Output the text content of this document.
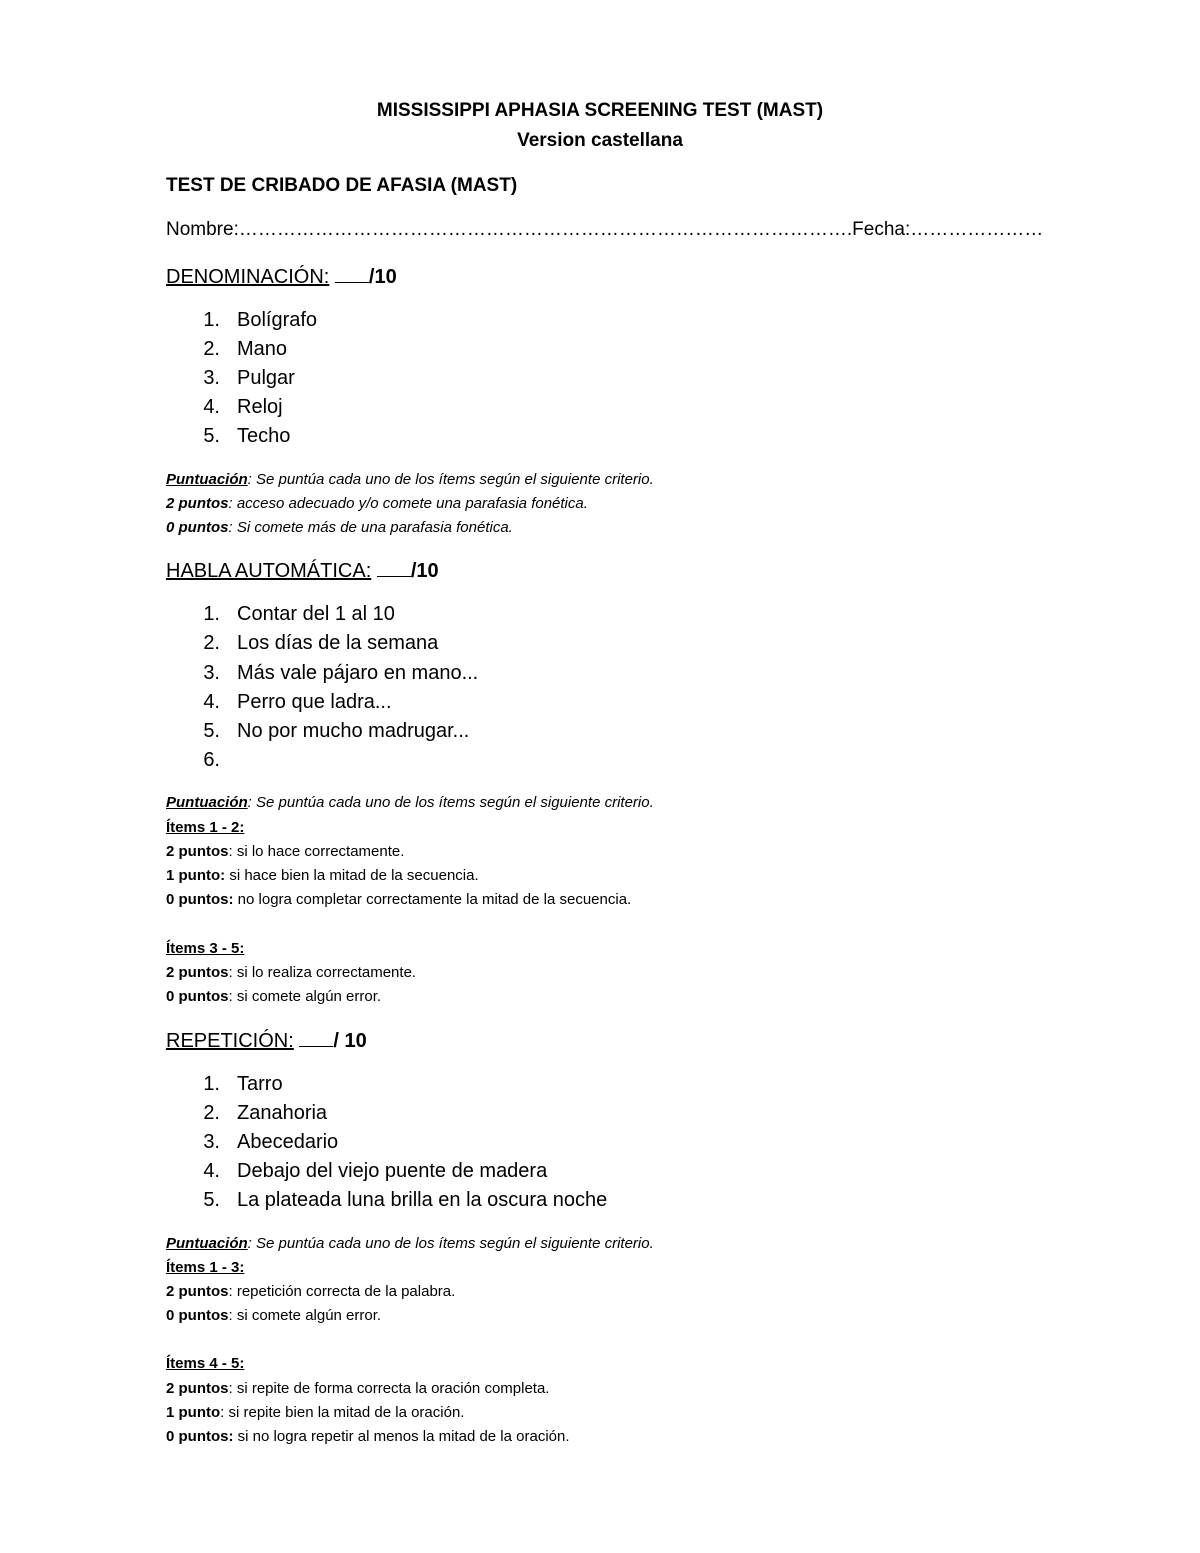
MISSISSIPPI APHASIA SCREENING TEST (MAST)
Version castellana
TEST DE CRIBADO DE AFASIA (MAST)
Nombre:…………………………………………………………………………………….Fecha:…………………
DENOMINACIÓN: /10
1. Bolígrafo
2. Mano
3. Pulgar
4. Reloj
5. Techo
Puntuación: Se puntúa cada uno de los ítems según el siguiente criterio.
2 puntos: acceso adecuado y/o comete una parafasia fonética.
0 puntos: Si comete más de una parafasia fonética.
HABLA AUTOMÁTICA: /10
1. Contar del 1 al 10
2. Los días de la semana
3. Más vale pájaro en mano...
4. Perro que ladra...
5. No por mucho madrugar...
6.
Puntuación: Se puntúa cada uno de los ítems según el siguiente criterio.
Ítems 1 - 2:
2 puntos: si lo hace correctamente.
1 punto: si hace bien la mitad de la secuencia.
0 puntos: no logra completar correctamente la mitad de la secuencia.
Ítems 3 - 5:
2 puntos: si lo realiza correctamente.
0 puntos: si comete algún error.
REPETICIÓN: / 10
1. Tarro
2. Zanahoria
3. Abecedario
4. Debajo del viejo puente de madera
5. La plateada luna brilla en la oscura noche
Puntuación: Se puntúa cada uno de los ítems según el siguiente criterio.
Ítems 1 - 3:
2 puntos: repetición correcta de la palabra.
0 puntos: si comete algún error.
Ítems 4 - 5:
2 puntos: si repite de forma correcta la oración completa.
1 punto: si repite bien la mitad de la oración.
0 puntos: si no logra repetir al menos la mitad de la oración.
